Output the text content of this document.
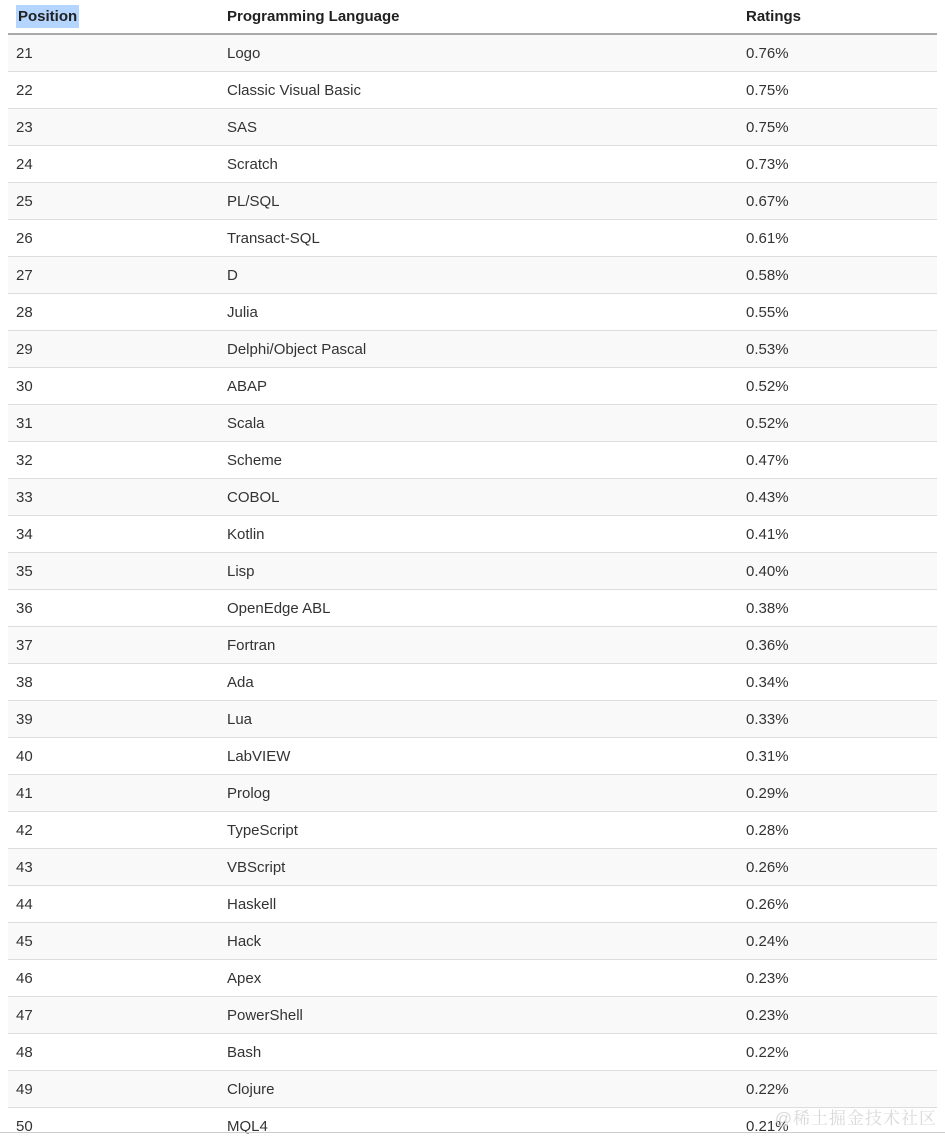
Position	Programming Language	Ratings
21	Logo	0.76%
22	Classic Visual Basic	0.75%
23	SAS	0.75%
24	Scratch	0.73%
25	PL/SQL	0.67%
26	Transact-SQL	0.61%
27	D	0.58%
28	Julia	0.55%
29	Delphi/Object Pascal	0.53%
30	ABAP	0.52%
31	Scala	0.52%
32	Scheme	0.47%
33	COBOL	0.43%
34	Kotlin	0.41%
35	Lisp	0.40%
36	OpenEdge ABL	0.38%
37	Fortran	0.36%
38	Ada	0.34%
39	Lua	0.33%
40	LabVIEW	0.31%
41	Prolog	0.29%
42	TypeScript	0.28%
43	VBScript	0.26%
44	Haskell	0.26%
45	Hack	0.24%
46	Apex	0.23%
47	PowerShell	0.23%
48	Bash	0.22%
49	Clojure	0.22%
50	MQL4	0.21%
@稀土掘金技术社区
